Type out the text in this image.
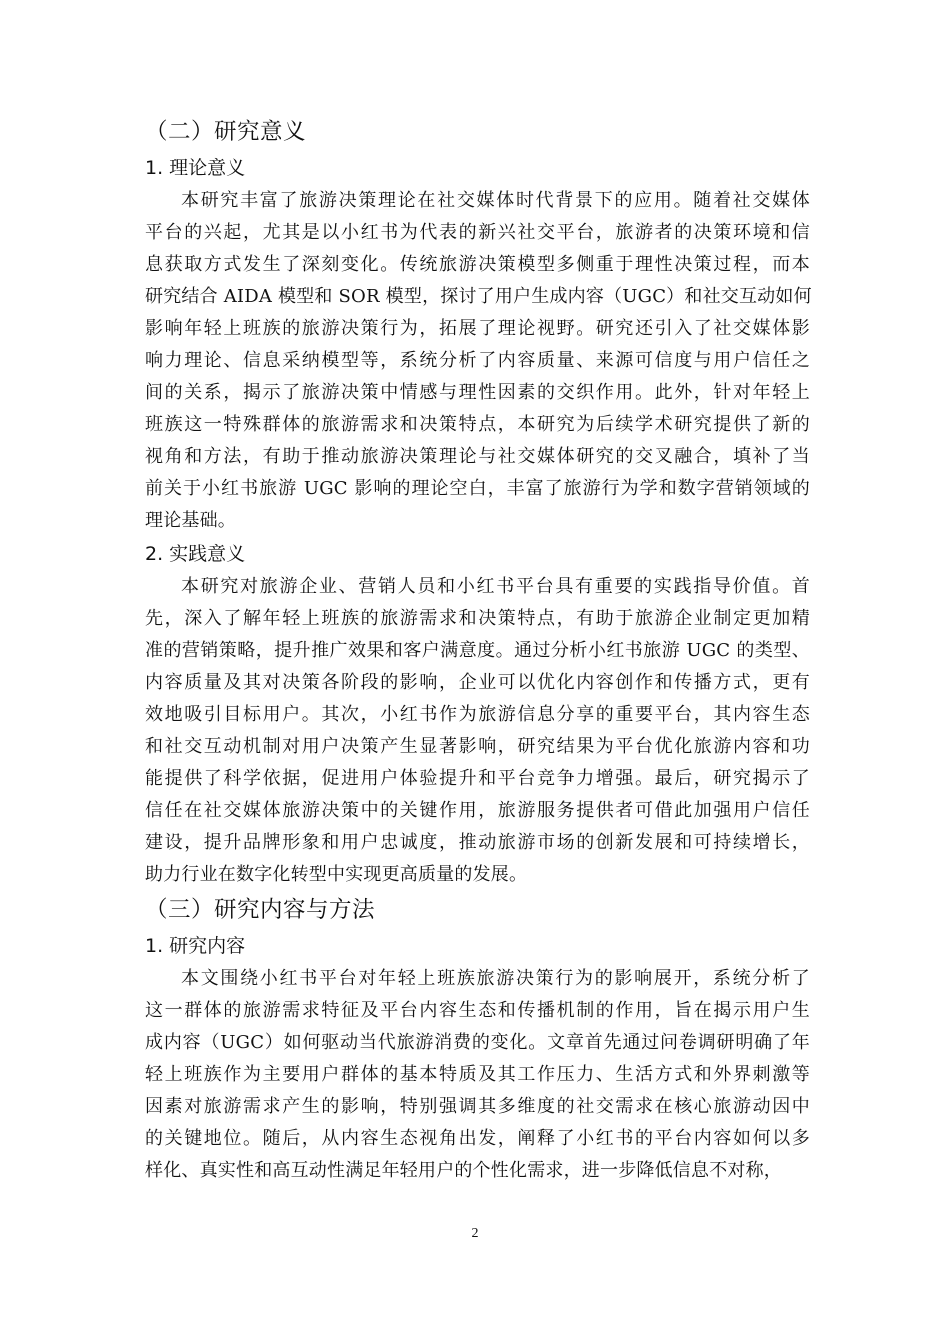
（二）研究意义
1. 理论意义
本研究丰富了旅游决策理论在社交媒体时代背景下的应用。随着社交媒体
平台的兴起，尤其是以小红书为代表的新兴社交平台，旅游者的决策环境和信
息获取方式发生了深刻变化。传统旅游决策模型多侧重于理性决策过程，而本
研究结合 AIDA 模型和 SOR 模型，探讨了用户生成内容（UGC）和社交互动如何
影响年轻上班族的旅游决策行为，拓展了理论视野。研究还引入了社交媒体影
响力理论、信息采纳模型等，系统分析了内容质量、来源可信度与用户信任之
间的关系，揭示了旅游决策中情感与理性因素的交织作用。此外，针对年轻上
班族这一特殊群体的旅游需求和决策特点，本研究为后续学术研究提供了新的
视角和方法，有助于推动旅游决策理论与社交媒体研究的交叉融合，填补了当
前关于小红书旅游 UGC 影响的理论空白，丰富了旅游行为学和数字营销领域的
理论基础。
2. 实践意义
本研究对旅游企业、营销人员和小红书平台具有重要的实践指导价值。首
先，深入了解年轻上班族的旅游需求和决策特点，有助于旅游企业制定更加精
准的营销策略，提升推广效果和客户满意度。通过分析小红书旅游 UGC 的类型、
内容质量及其对决策各阶段的影响，企业可以优化内容创作和传播方式，更有
效地吸引目标用户。其次，小红书作为旅游信息分享的重要平台，其内容生态
和社交互动机制对用户决策产生显著影响，研究结果为平台优化旅游内容和功
能提供了科学依据，促进用户体验提升和平台竞争力增强。最后，研究揭示了
信任在社交媒体旅游决策中的关键作用，旅游服务提供者可借此加强用户信任
建设，提升品牌形象和用户忠诚度，推动旅游市场的创新发展和可持续增长，
助力行业在数字化转型中实现更高质量的发展。
（三）研究内容与方法
1. 研究内容
本文围绕小红书平台对年轻上班族旅游决策行为的影响展开，系统分析了
这一群体的旅游需求特征及平台内容生态和传播机制的作用，旨在揭示用户生
成内容（UGC）如何驱动当代旅游消费的变化。文章首先通过问卷调研明确了年
轻上班族作为主要用户群体的基本特质及其工作压力、生活方式和外界刺激等
因素对旅游需求产生的影响，特别强调其多维度的社交需求在核心旅游动因中
的关键地位。随后，从内容生态视角出发，阐释了小红书的平台内容如何以多
样化、真实性和高互动性满足年轻用户的个性化需求，进一步降低信息不对称，
2
